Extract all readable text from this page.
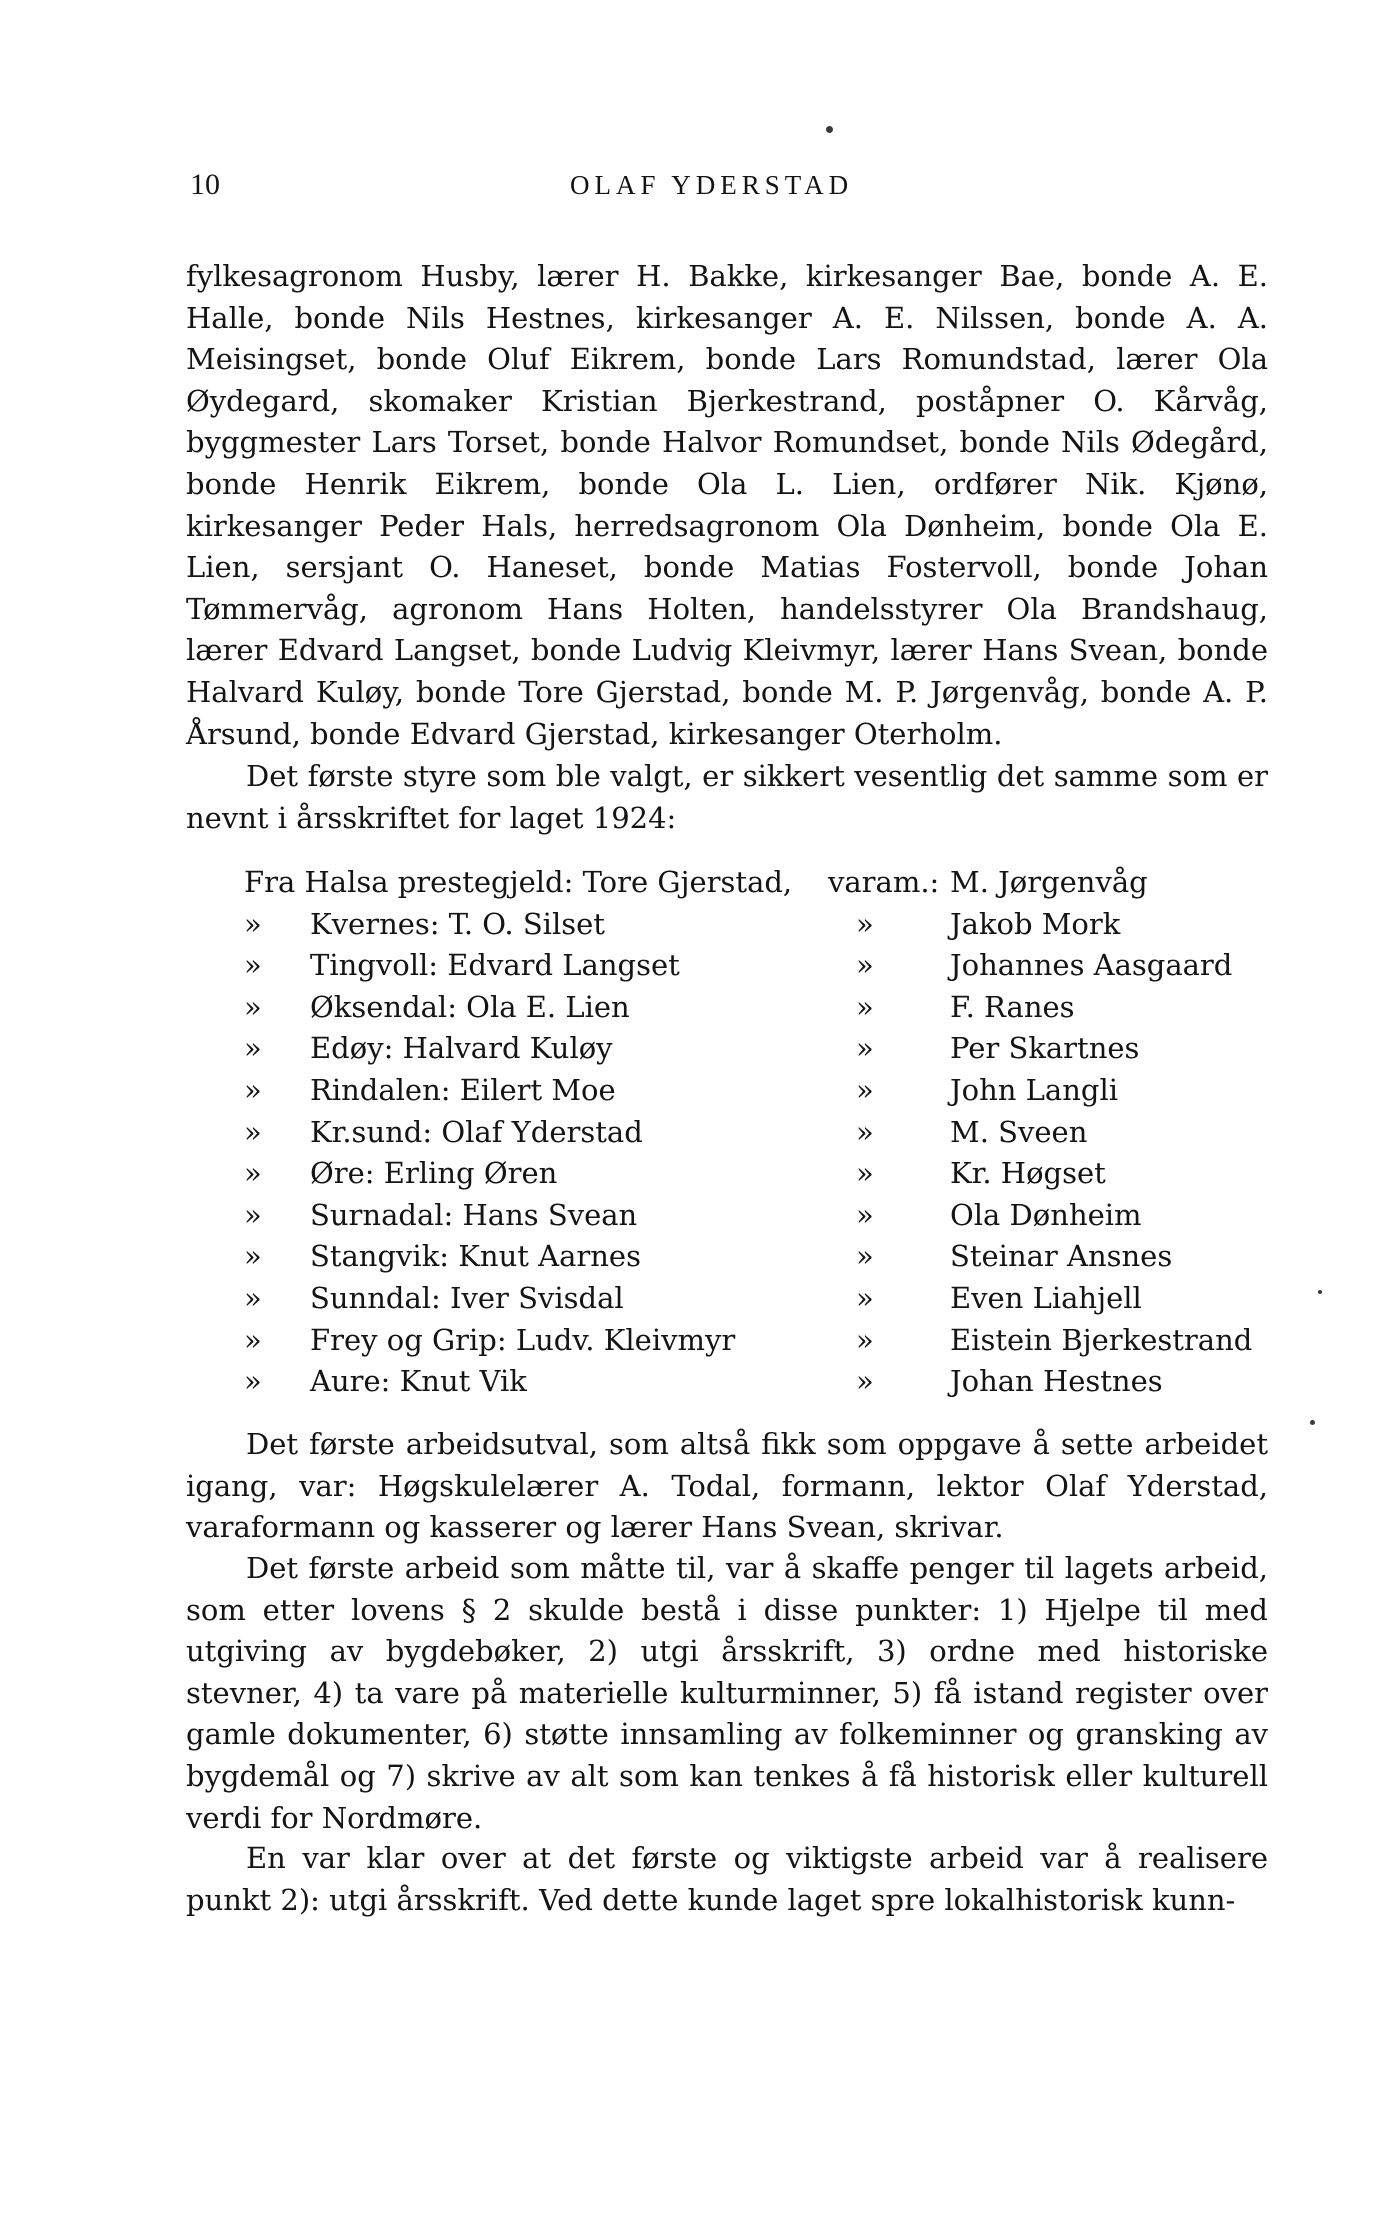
10	OLAF YDERSTAD

fylkesagronom Husby, lærer H. Bakke, kirkesanger Bae, bonde A. E. Halle, bonde Nils Hestnes, kirkesanger A. E. Nilssen, bonde A. A. Meisingset, bonde Oluf Eikrem, bonde Lars Romundstad, lærer Ola Øydegard, skomaker Kristian Bjerkestrand, poståpner O. Kårvåg, byggmester Lars Torset, bonde Halvor Romundset, bonde Nils Ødegård, bonde Henrik Eikrem, bonde Ola L. Lien, ordfører Nik. Kjønø, kirkesanger Peder Hals, herredsagronom Ola Dønheim, bonde Ola E. Lien, sersjant O. Haneset, bonde Matias Fostervoll, bonde Johan Tømmervåg, agronom Hans Holten, handelsstyrer Ola Brandshaug, lærer Edvard Langset, bonde Ludvig Kleivmyr, lærer Hans Svean, bonde Halvard Kuløy, bonde Tore Gjerstad, bonde M. P. Jørgenvåg, bonde A. P. Årsund, bonde Edvard Gjerstad, kirkesanger Oterholm.

Det første styre som ble valgt, er sikkert vesentlig det samme som er nevnt i årsskriftet for laget 1924:

Fra Halsa prestegjeld: Tore Gjerstad, varam.: M. Jørgenvåg
» Kvernes: T. O. Silset	»	Jakob Mork
» Tingvoll: Edvard Langset	»	Johannes Aasgaard
» Øksendal: Ola E. Lien	»	F. Ranes
» Edøy: Halvard Kuløy	»	Per Skartnes
» Rindalen: Eilert Moe	»	John Langli
» Kr.sund: Olaf Yderstad	»	M. Sveen
» Øre: Erling Øren	»	Kr. Høgset
» Surnadal: Hans Svean	»	Ola Dønheim
» Stangvik: Knut Aarnes	»	Steinar Ansnes
» Sunndal: Iver Svisdal	»	Even Liahjell
» Frey og Grip: Ludv. Kleivmyr	»	Eistein Bjerkestrand
» Aure: Knut Vik	»	Johan Hestnes

Det første arbeidsutval, som altså fikk som oppgave å sette arbeidet igang, var: Høgskulelærer A. Todal, formann, lektor Olaf Yderstad, varaformann og kasserer og lærer Hans Svean, skrivar.

Det første arbeid som måtte til, var å skaffe penger til lagets arbeid, som etter lovens § 2 skulde bestå i disse punkter: 1) Hjelpe til med utgiving av bygdebøker, 2) utgi årsskrift, 3) ordne med historiske stevner, 4) ta vare på materielle kulturminner, 5) få istand register over gamle dokumenter, 6) støtte innsamling av folkeminner og gransking av bygdemål og 7) skrive av alt som kan tenkes å få historisk eller kulturell verdi for Nordmøre.

En var klar over at det første og viktigste arbeid var å realisere punkt 2): utgi årsskrift. Ved dette kunde laget spre lokalhistorisk kunn-
